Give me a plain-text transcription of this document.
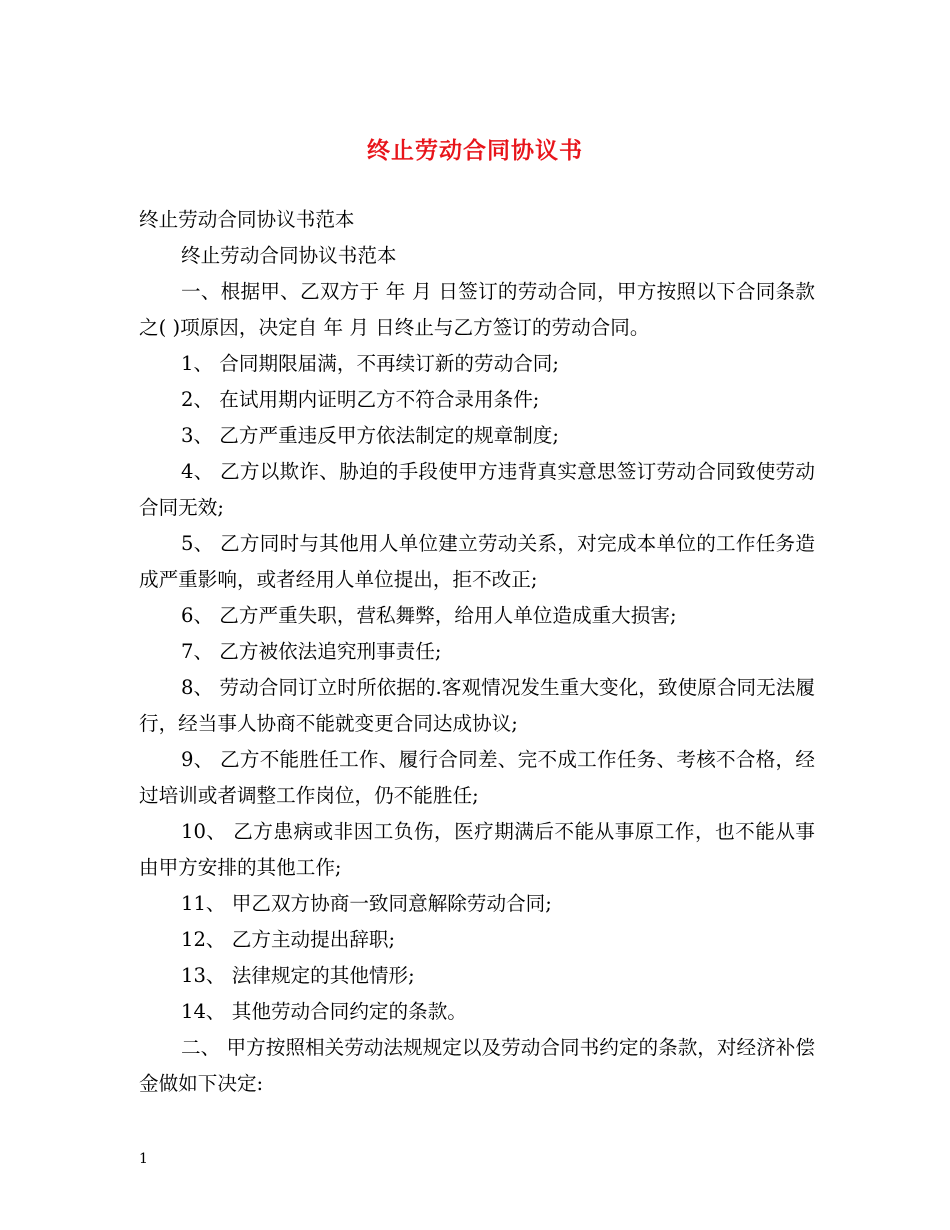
终止劳动合同协议书

终止劳动合同协议书范本

终止劳动合同协议书范本

一、根据甲、乙双方于 年 月 日签订的劳动合同，甲方按照以下合同条款之( )项原因，决定自 年 月 日终止与乙方签订的劳动合同。

1、 合同期限届满，不再续订新的劳动合同;

2、 在试用期内证明乙方不符合录用条件;

3、 乙方严重违反甲方依法制定的规章制度;

4、 乙方以欺诈、胁迫的手段使甲方违背真实意思签订劳动合同致使劳动合同无效;

5、 乙方同时与其他用人单位建立劳动关系，对完成本单位的工作任务造成严重影响，或者经用人单位提出，拒不改正;

6、 乙方严重失职，营私舞弊，给用人单位造成重大损害;

7、 乙方被依法追究刑事责任;

8、 劳动合同订立时所依据的.客观情况发生重大变化，致使原合同无法履行，经当事人协商不能就变更合同达成协议;

9、 乙方不能胜任工作、履行合同差、完不成工作任务、考核不合格，经过培训或者调整工作岗位，仍不能胜任;

10、 乙方患病或非因工负伤，医疗期满后不能从事原工作，也不能从事由甲方安排的其他工作;

11、 甲乙双方协商一致同意解除劳动合同;

12、 乙方主动提出辞职;

13、 法律规定的其他情形;

14、 其他劳动合同约定的条款。

二、 甲方按照相关劳动法规规定以及劳动合同书约定的条款，对经济补偿金做如下决定:

1
